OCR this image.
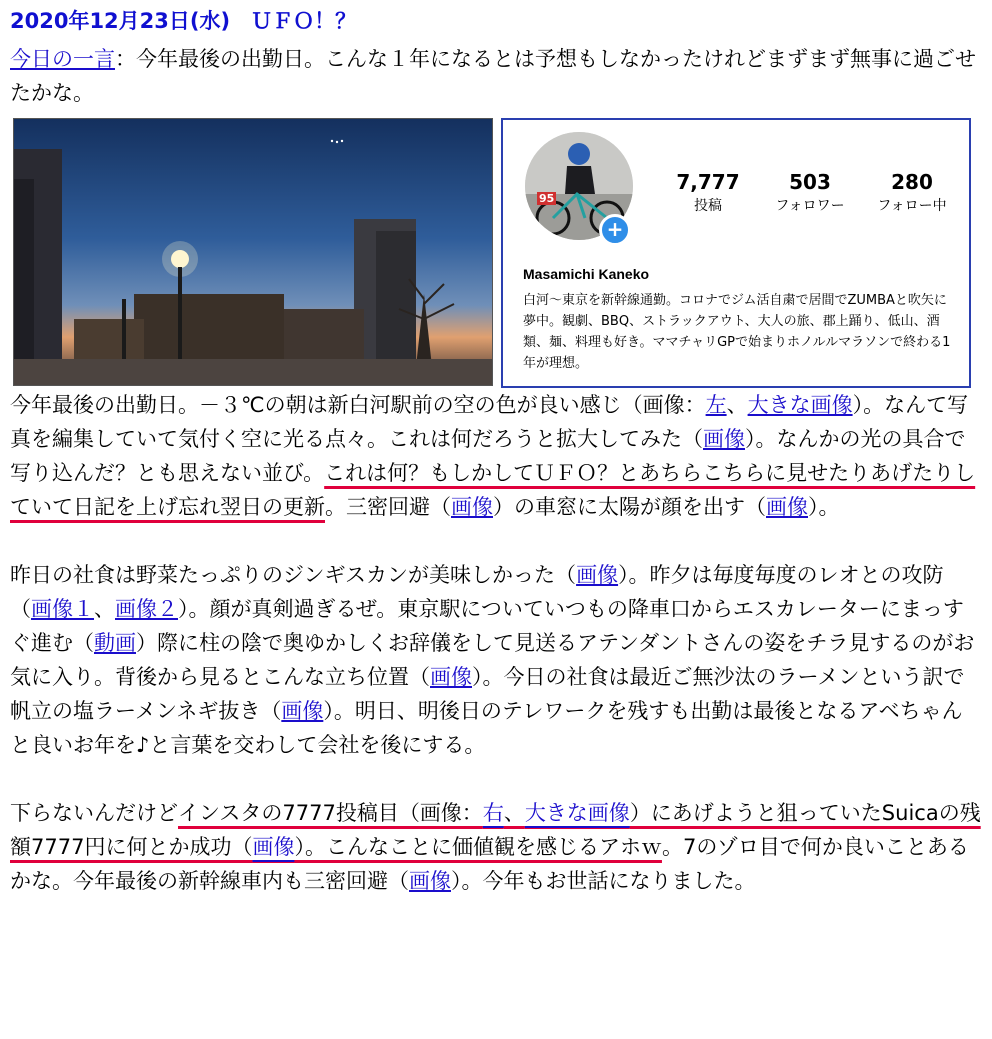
2020年12月23日(水)　ＵＦＯ！？

今日の一言：今年最後の出勤日。こんな１年になるとは予想もしなかったけれどまずまず無事に過ごせたかな。

+
95
7,777
投稿
503
フォロワー
280
フォロー中
Masamichi Kaneko
白河～東京を新幹線通勤。コロナでジム活自粛で居間でZUMBAと吹矢に夢中。観劇、BBQ、ストラックアウト、大人の旅、郡上踊り、低山、酒類、麺、料理も好き。ママチャリGPで始まりホノルルマラソンで終わる1年が理想。

今年最後の出勤日。－３℃の朝は新白河駅前の空の色が良い感じ（画像：左、大きな画像）。なんて写真を編集していて気付く空に光る点々。これは何だろうと拡大してみた（画像）。なんかの光の具合で写り込んだ？とも思えない並び。これは何？もしかしてＵＦＯ？とあちらこちらに見せたりあげたりしていて日記を上げ忘れ翌日の更新。三密回避（画像）の車窓に太陽が顔を出す（画像）。

昨日の社食は野菜たっぷりのジンギスカンが美味しかった（画像）。昨夕は毎度毎度のレオとの攻防（画像１、画像２）。顔が真剣過ぎるぜ。東京駅についていつもの降車口からエスカレーターにまっすぐ進む（動画）際に柱の陰で奥ゆかしくお辞儀をして見送るアテンダントさんの姿をチラ見するのがお気に入り。背後から見るとこんな立ち位置（画像）。今日の社食は最近ご無沙汰のラーメンという訳で帆立の塩ラーメンネギ抜き（画像）。明日、明後日のテレワークを残すも出勤は最後となるアベちゃんと良いお年を♪と言葉を交わして会社を後にする。

下らないんだけどインスタの7777投稿目（画像：右、大きな画像）にあげようと狙っていたSuicaの残額7777円に何とか成功（画像）。こんなことに価値観を感じるアホｗ。7のゾロ目で何か良いことあるかな。今年最後の新幹線車内も三密回避（画像）。今年もお世話になりました。
